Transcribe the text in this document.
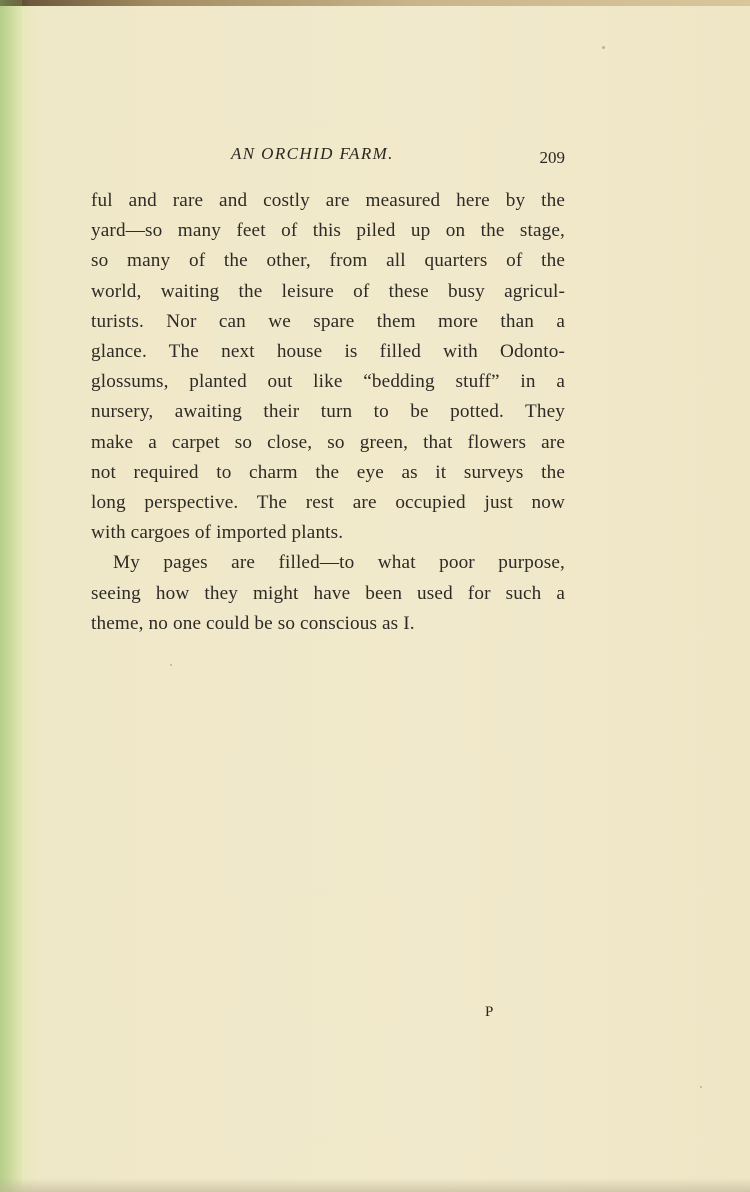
AN ORCHID FARM.	209
ful and rare and costly are measured here by the
yard—so many feet of this piled up on the stage,
so many of the other, from all quarters of the
world, waiting the leisure of these busy agricul-
turists. Nor can we spare them more than a
glance. The next house is filled with Odonto-
glossums, planted out like “bedding stuff” in a
nursery, awaiting their turn to be potted. They
make a carpet so close, so green, that flowers are
not required to charm the eye as it surveys the
long perspective. The rest are occupied just now
with cargoes of imported plants.
My pages are filled—to what poor purpose,
seeing how they might have been used for such a
theme, no one could be so conscious as I.
P
